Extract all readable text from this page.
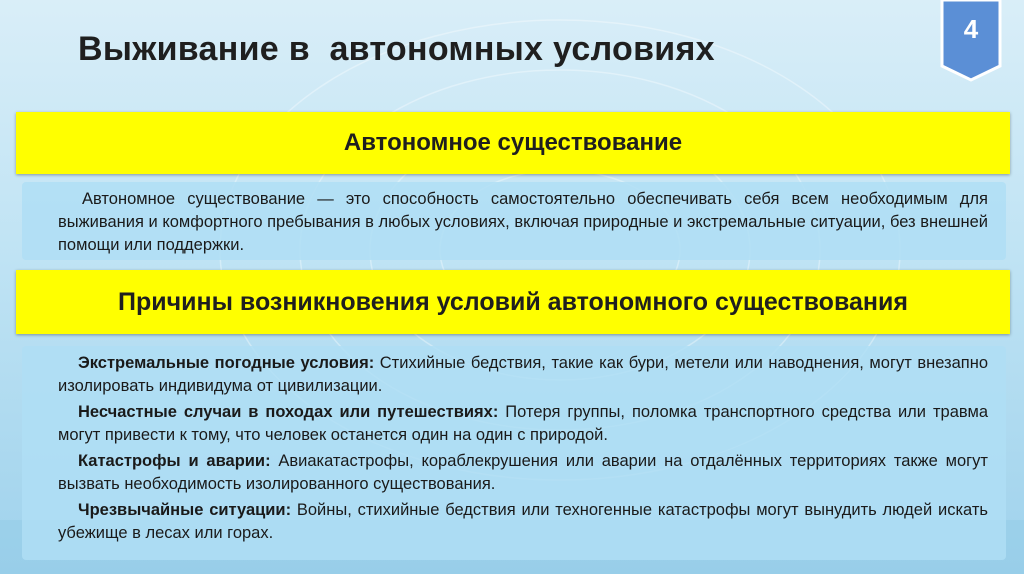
Выживание в  автономных условиях
4
Автономное существование
Автономное существование — это способность самостоятельно обеспечивать себя всем необходимым для выживания и комфортного пребывания в любых условиях, включая природные и экстремальные ситуации, без внешней помощи или поддержки.
Причины возникновения условий автономного существования

Экстремальные погодные условия: Стихийные бедствия, такие как бури, метели или наводнения, могут внезапно изолировать индивидума от цивилизации.

Несчастные случаи в походах или путешествиях: Потеря группы, поломка транспортного средства или травма могут привести к тому, что человек останется один на один с природой.

Катастрофы и аварии: Авиакатастрофы, кораблекрушения или аварии на отдалённых территориях также могут вызвать необходимость изолированного существования.

Чрезвычайные ситуации: Войны, стихийные бедствия или техногенные катастрофы могут вынудить людей искать убежище в лесах или горах.
